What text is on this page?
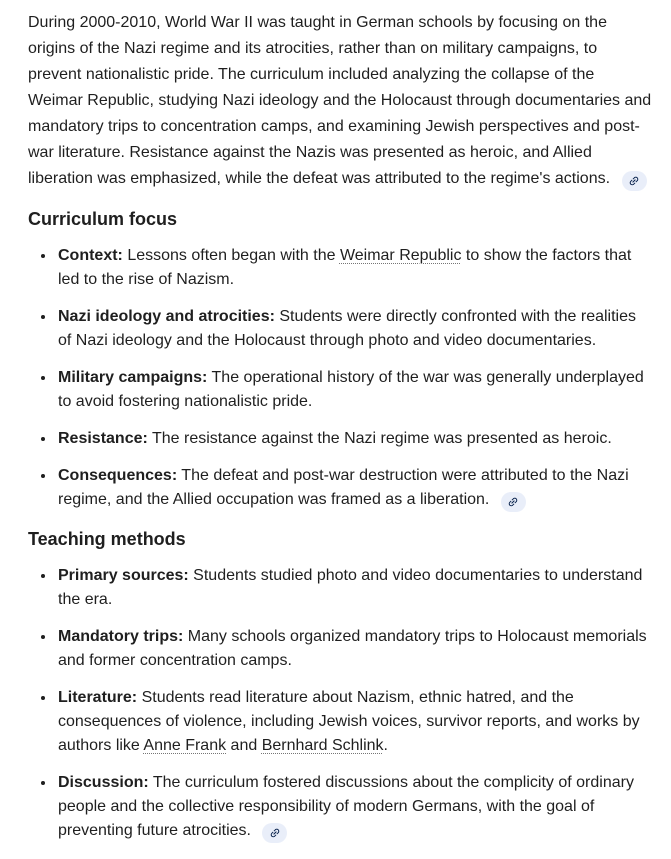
During 2000-2010, World War II was taught in German schools by focusing on the origins of the Nazi regime and its atrocities, rather than on military campaigns, to prevent nationalistic pride. The curriculum included analyzing the collapse of the Weimar Republic, studying Nazi ideology and the Holocaust through documentaries and mandatory trips to concentration camps, and examining Jewish perspectives and post-war literature. Resistance against the Nazis was presented as heroic, and Allied liberation was emphasized, while the defeat was attributed to the regime's actions.

Curriculum focus
• Context: Lessons often began with the Weimar Republic to show the factors that led to the rise of Nazism.
• Nazi ideology and atrocities: Students were directly confronted with the realities of Nazi ideology and the Holocaust through photo and video documentaries.
• Military campaigns: The operational history of the war was generally underplayed to avoid fostering nationalistic pride.
• Resistance: The resistance against the Nazi regime was presented as heroic.
• Consequences: The defeat and post-war destruction were attributed to the Nazi regime, and the Allied occupation was framed as a liberation.
Teaching methods
• Primary sources: Students studied photo and video documentaries to understand the era.
• Mandatory trips: Many schools organized mandatory trips to Holocaust memorials and former concentration camps.
• Literature: Students read literature about Nazism, ethnic hatred, and the consequences of violence, including Jewish voices, survivor reports, and works by authors like Anne Frank and Bernhard Schlink.
• Discussion: The curriculum fostered discussions about the complicity of ordinary people and the collective responsibility of modern Germans, with the goal of preventing future atrocities.
